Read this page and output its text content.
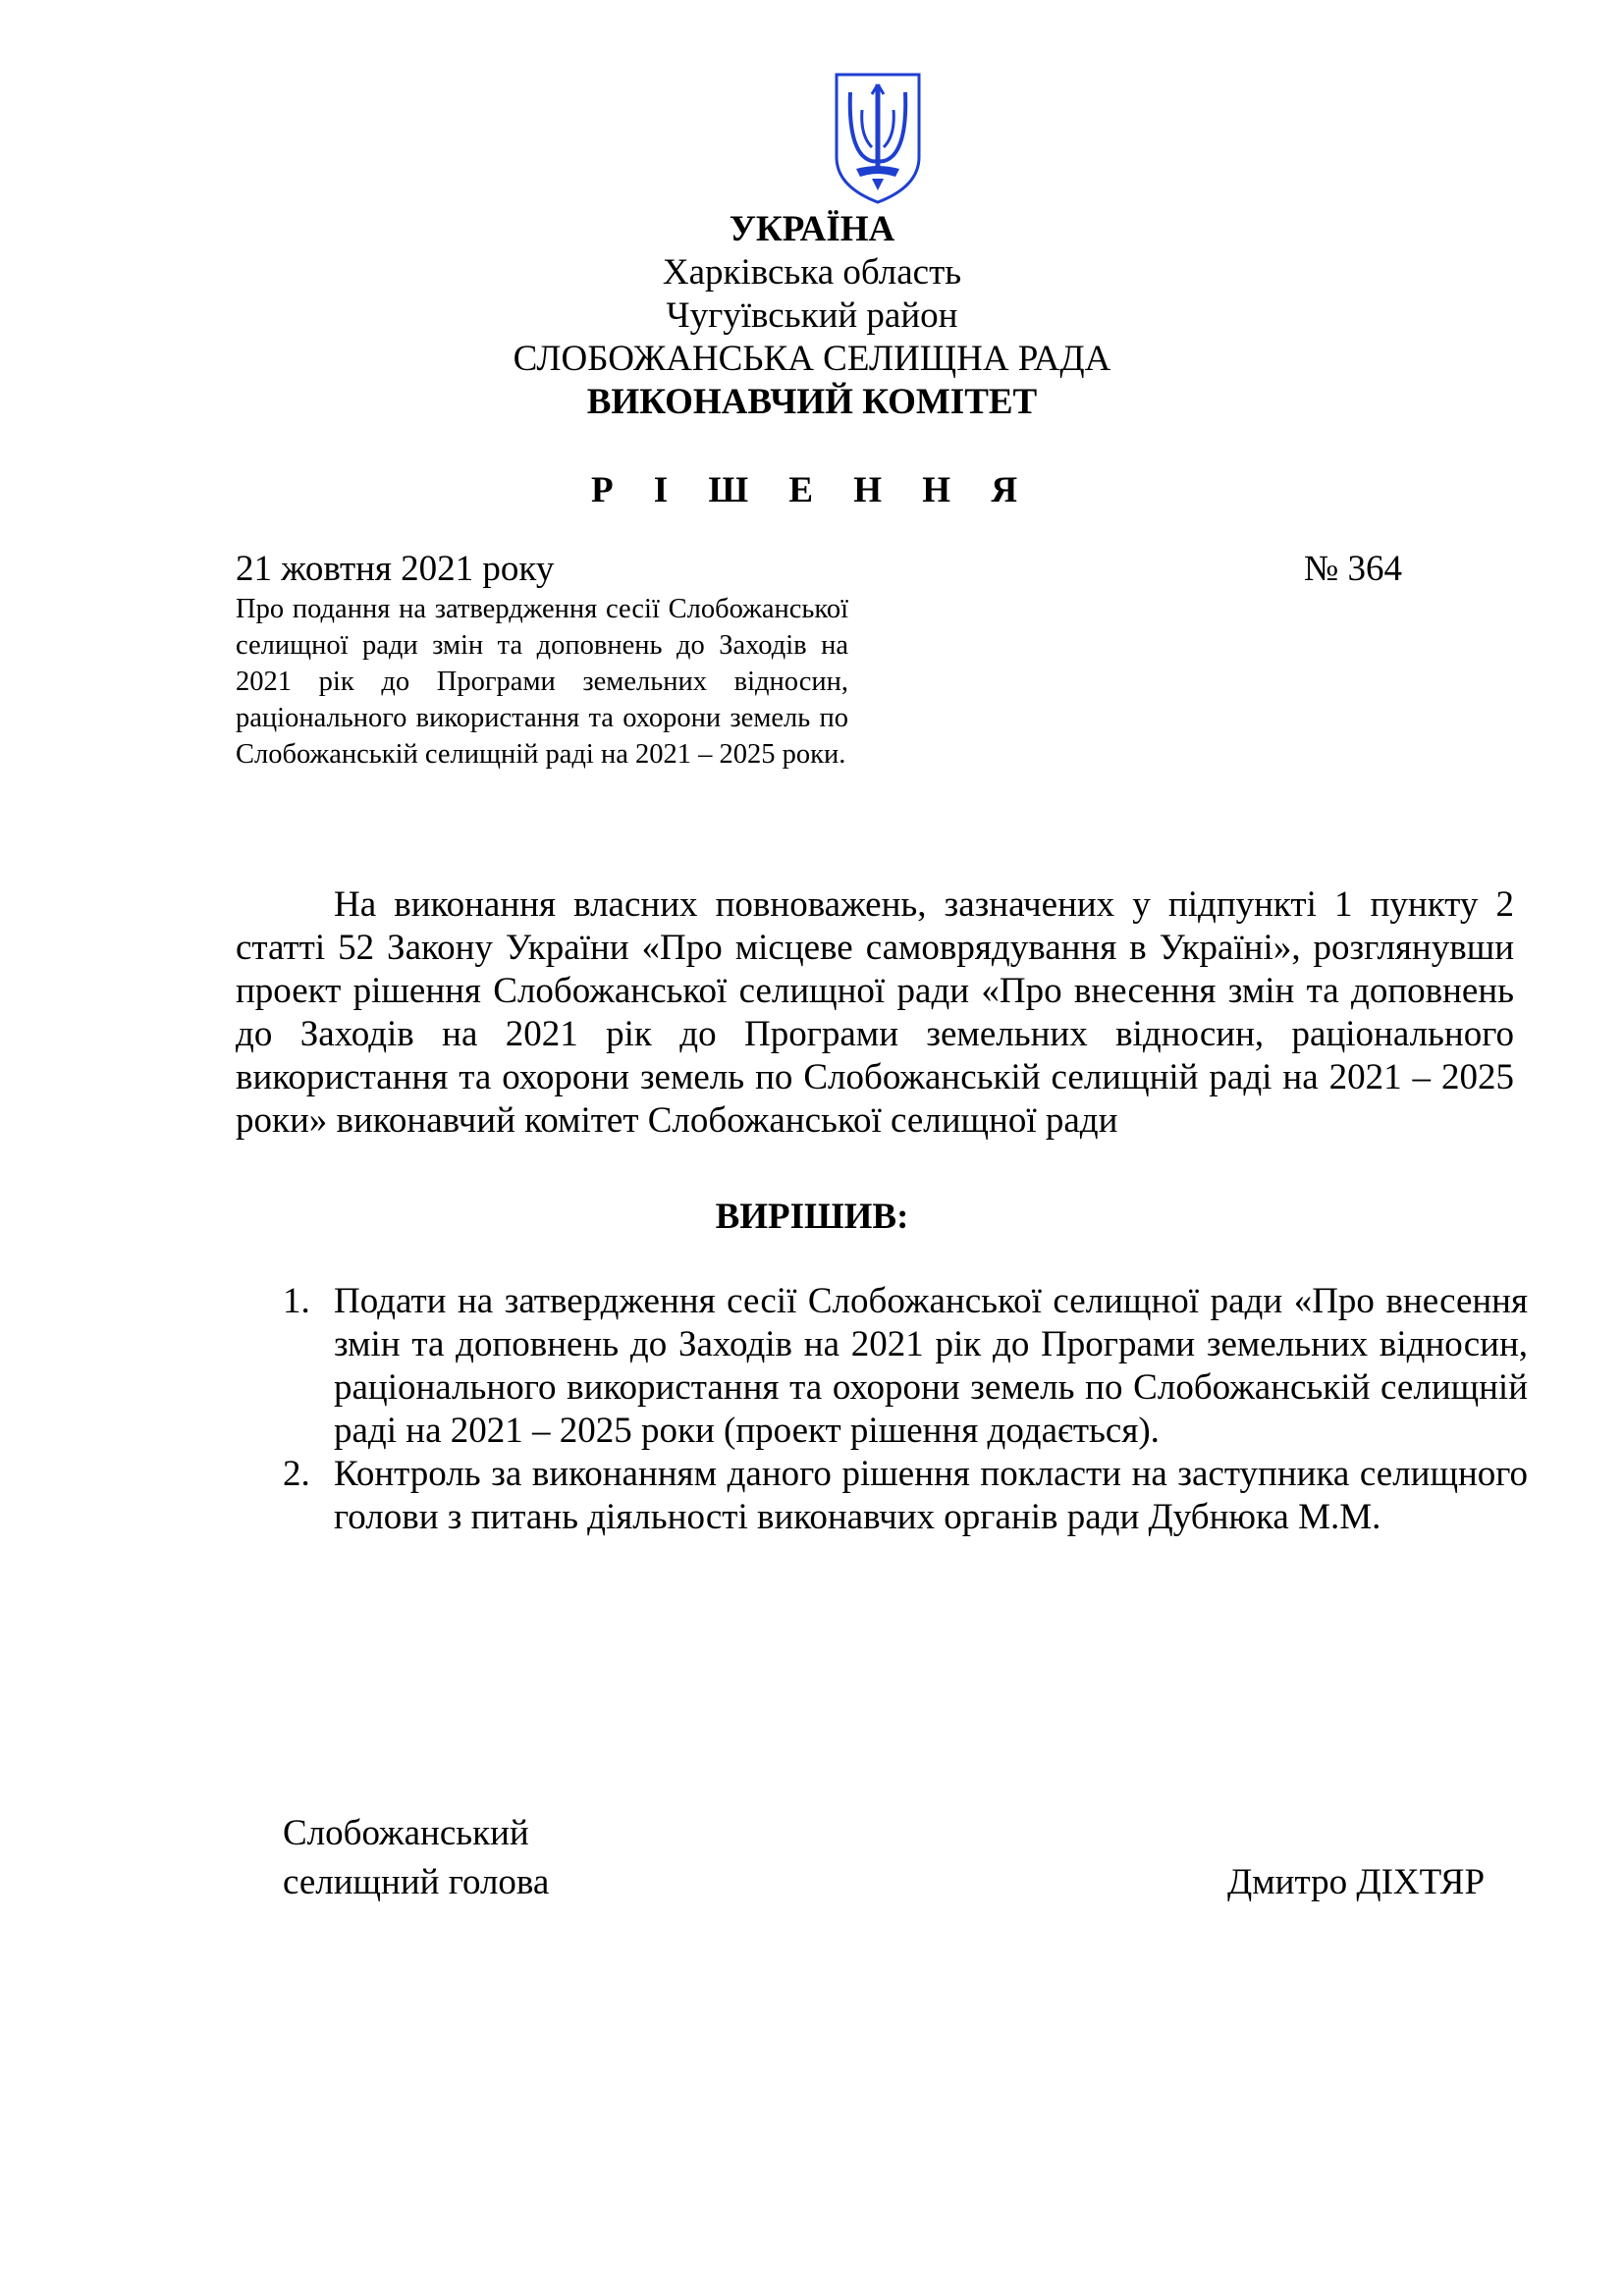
УКРАЇНА
Харківська область
Чугуївський район
СЛОБОЖАНСЬКА СЕЛИЩНА РАДА
ВИКОНАВЧИЙ КОМІТЕТ
Р І Ш Е Н Н Я
21 жовтня 2021 року	№ 364
Про подання на затвердження сесії Слобожанської селищної ради змін та доповнень до Заходів на 2021 рік до Програми земельних відносин, раціонального використання та охорони земель по Слобожанській селищній раді на 2021 – 2025 роки.
На виконання власних повноважень, зазначених у підпункті 1 пункту 2 статті 52 Закону України «Про місцеве самоврядування в Україні», розглянувши проект рішення Слобожанської селищної ради «Про внесення змін та доповнень до Заходів на 2021 рік до Програми земельних відносин, раціонального використання та охорони земель по Слобожанській селищній раді на 2021 – 2025 роки» виконавчий комітет Слобожанської селищної ради
ВИРІШИВ:
1. Подати на затвердження сесії Слобожанської селищної ради «Про внесення змін та доповнень до Заходів на 2021 рік до Програми земельних відносин, раціонального використання та охорони земель по Слобожанській селищній раді на 2021 – 2025 роки (проект рішення додається).
2. Контроль за виконанням даного рішення покласти на заступника селищного голови з питань діяльності виконавчих органів ради Дубнюка М.М.
Слобожанський
селищний голова	Дмитро ДІХТЯР
